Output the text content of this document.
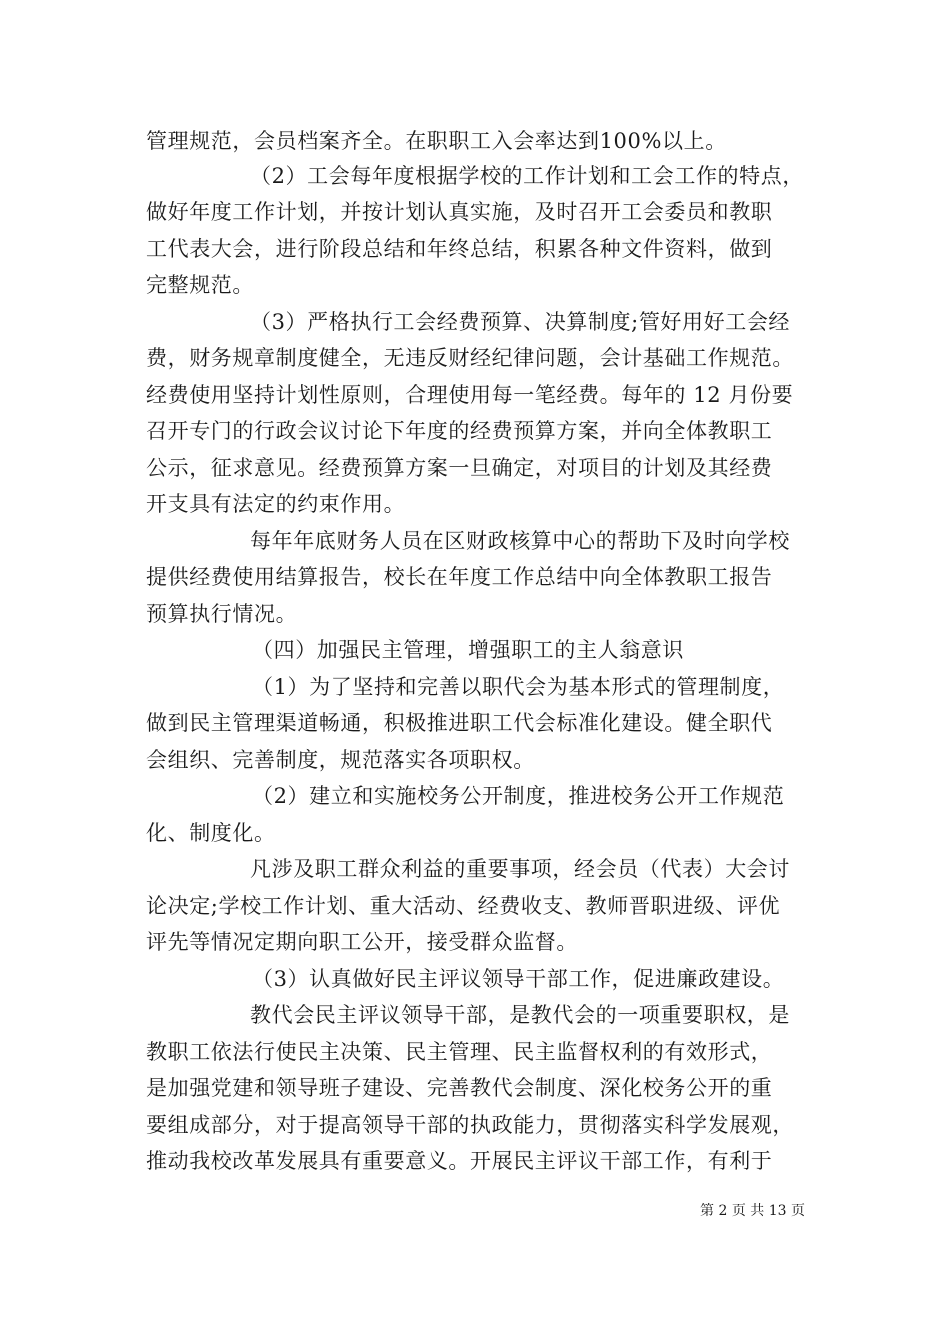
管理规范，会员档案齐全。在职职工入会率达到100%以上。
（2）工会每年度根据学校的工作计划和工会工作的特点，
做好年度工作计划，并按计划认真实施，及时召开工会委员和教职
工代表大会，进行阶段总结和年终总结，积累各种文件资料，做到
完整规范。
（3）严格执行工会经费预算、决算制度;管好用好工会经
费，财务规章制度健全，无违反财经纪律问题，会计基础工作规范。
经费使用坚持计划性原则，合理使用每一笔经费。每年的 12 月份要
召开专门的行政会议讨论下年度的经费预算方案，并向全体教职工
公示，征求意见。经费预算方案一旦确定，对项目的计划及其经费
开支具有法定的约束作用。
每年年底财务人员在区财政核算中心的帮助下及时向学校
提供经费使用结算报告，校长在年度工作总结中向全体教职工报告
预算执行情况。
（四）加强民主管理，增强职工的主人翁意识
（1）为了坚持和完善以职代会为基本形式的管理制度，
做到民主管理渠道畅通，积极推进职工代会标准化建设。健全职代
会组织、完善制度，规范落实各项职权。
（2）建立和实施校务公开制度，推进校务公开工作规范
化、制度化。
凡涉及职工群众利益的重要事项，经会员（代表）大会讨
论决定;学校工作计划、重大活动、经费收支、教师晋职进级、评优
评先等情况定期向职工公开，接受群众监督。
（3）认真做好民主评议领导干部工作，促进廉政建设。
教代会民主评议领导干部，是教代会的一项重要职权，是
教职工依法行使民主决策、民主管理、民主监督权利的有效形式，
是加强党建和领导班子建设、完善教代会制度、深化校务公开的重
要组成部分，对于提高领导干部的执政能力，贯彻落实科学发展观，
推动我校改革发展具有重要意义。开展民主评议干部工作，有利于
第 2 页 共 13 页
